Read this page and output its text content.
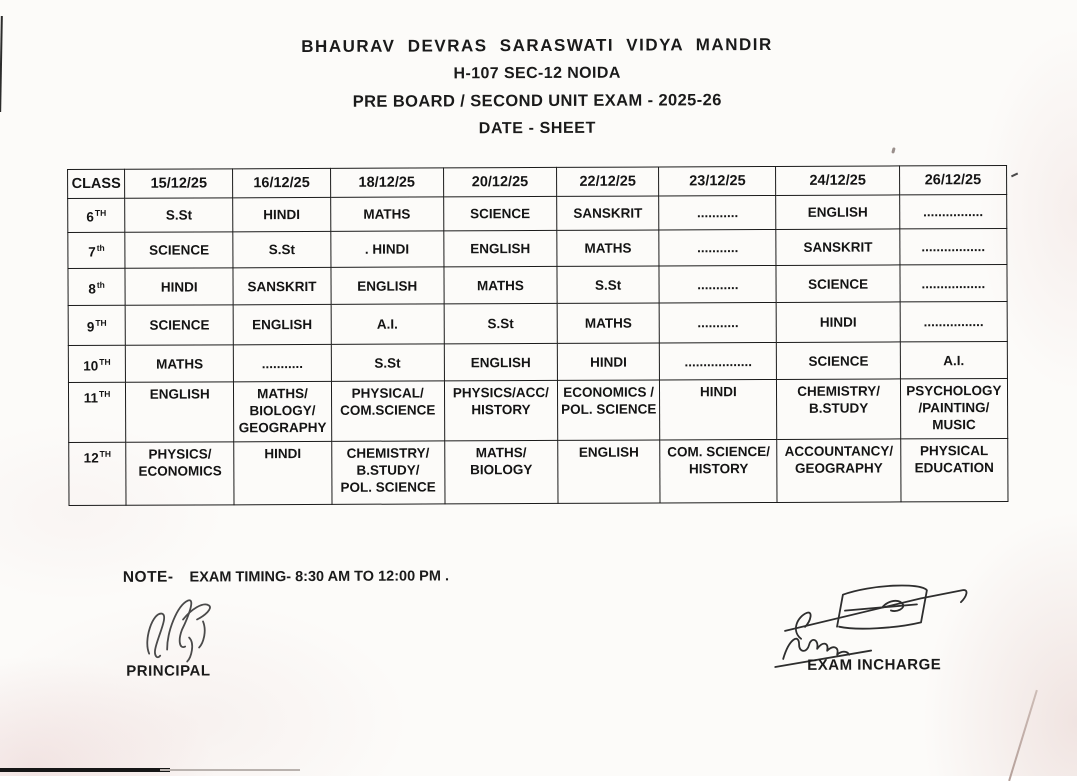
BHAURAV DEVRAS SARASWATI VIDYA MANDIR
H-107 SEC-12 NOIDA
PRE BOARD / SECOND UNIT EXAM - 2025-26
DATE - SHEET
CLASS	15/12/25	16/12/25	18/12/25	20/12/25	22/12/25	23/12/25	24/12/25	26/12/25
6TH	S.St	HINDI	MATHS	SCIENCE	SANSKRIT	...........	ENGLISH	................
7th	SCIENCE	S.St	. HINDI	ENGLISH	MATHS	...........	SANSKRIT	.................
8th	HINDI	SANSKRIT	ENGLISH	MATHS	S.St	...........	SCIENCE	.................
9TH	SCIENCE	ENGLISH	A.I.	S.St	MATHS	...........	HINDI	................
10TH	MATHS	...........	S.St	ENGLISH	HINDI	..................	SCIENCE	A.I.
11TH	ENGLISH	MATHS/
BIOLOGY/
GEOGRAPHY	PHYSICAL/
COM.SCIENCE	PHYSICS/ACC/
HISTORY	ECONOMICS /
POL. SCIENCE	HINDI	CHEMISTRY/
B.STUDY	PSYCHOLOGY
/PAINTING/
MUSIC
12TH	PHYSICS/
ECONOMICS	HINDI	CHEMISTRY/
B.STUDY/
POL. SCIENCE	MATHS/
BIOLOGY	ENGLISH	COM. SCIENCE/
HISTORY	ACCOUNTANCY/
GEOGRAPHY	PHYSICAL
EDUCATION
NOTE- EXAM TIMING- 8:30 AM TO 12:00 PM .
PRINCIPAL	EXAM INCHARGE
